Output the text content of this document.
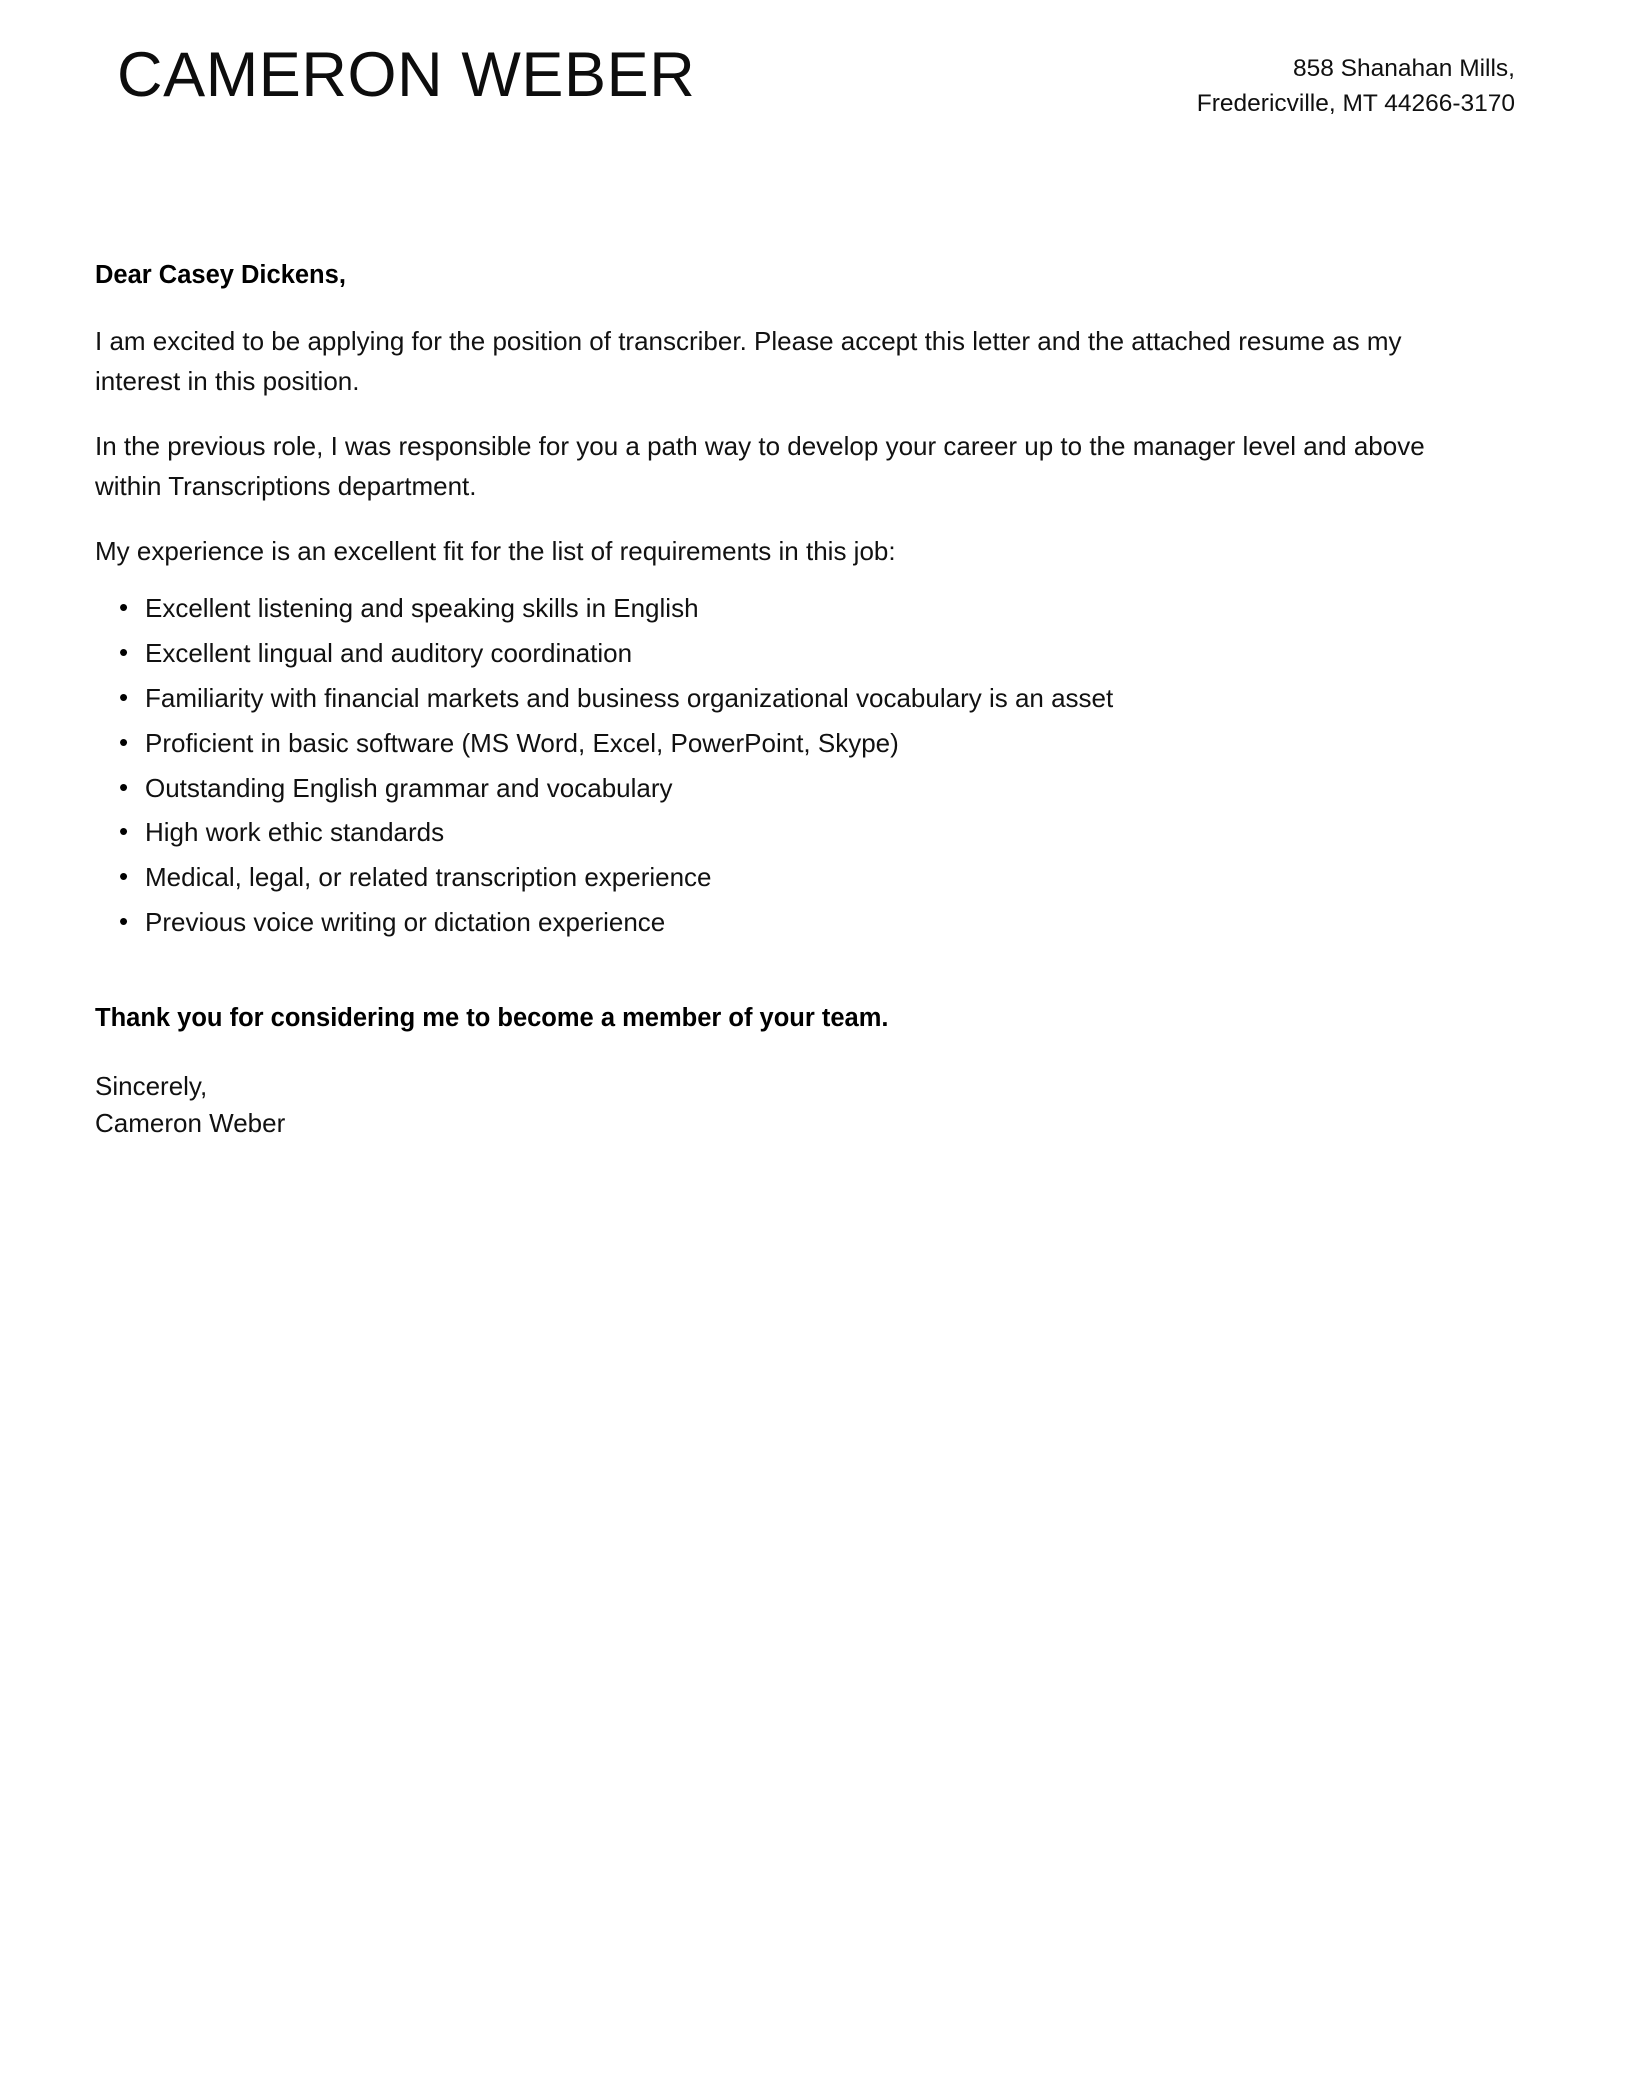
CAMERON WEBER	858 Shanahan Mills,
Fredericville, MT 44266-3170

Dear Casey Dickens,

I am excited to be applying for the position of transcriber. Please accept this letter and the attached resume as my interest in this position.

In the previous role, I was responsible for you a path way to develop your career up to the manager level and above within Transcriptions department.

My experience is an excellent fit for the list of requirements in this job:

• Excellent listening and speaking skills in English
• Excellent lingual and auditory coordination
• Familiarity with financial markets and business organizational vocabulary is an asset
• Proficient in basic software (MS Word, Excel, PowerPoint, Skype)
• Outstanding English grammar and vocabulary
• High work ethic standards
• Medical, legal, or related transcription experience
• Previous voice writing or dictation experience

Thank you for considering me to become a member of your team.

Sincerely,
Cameron Weber
